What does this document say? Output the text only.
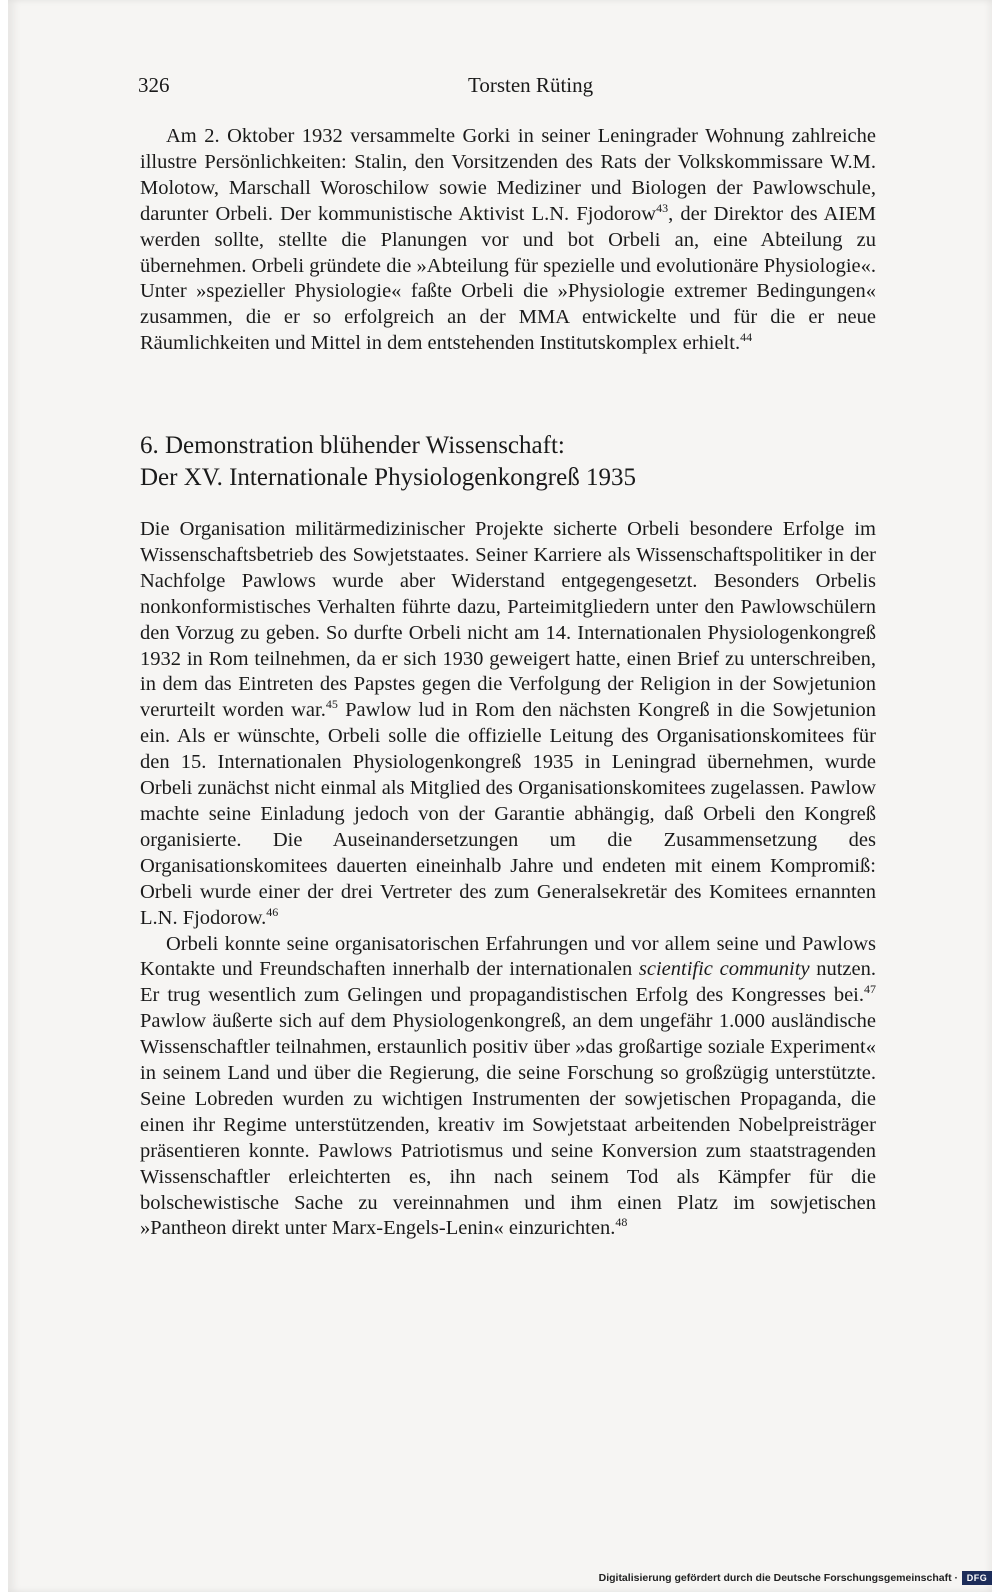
326	Torsten Rüting

Am 2. Oktober 1932 versammelte Gorki in seiner Leningrader Wohnung zahlreiche illustre Persönlichkeiten: Stalin, den Vorsitzenden des Rats der Volkskommissare W.M. Molotow, Marschall Woroschilow sowie Mediziner und Biologen der Pawlowschule, darunter Orbeli. Der kommunistische Aktivist L.N. Fjodorow$^{43}$, der Direktor des AIEM werden sollte, stellte die Planungen vor und bot Orbeli an, eine Abteilung zu übernehmen. Orbeli gründete die »Abteilung für spezielle und evolutionäre Physiologie«. Unter »spezieller Physiologie« faßte Orbeli die »Physiologie extremer Bedingungen« zusammen, die er so erfolgreich an der MMA entwickelte und für die er neue Räumlichkeiten und Mittel in dem entstehenden Institutskomplex erhielt.$^{44}$

6. Demonstration blühender Wissenschaft:
Der XV. Internationale Physiologenkongreß 1935

Die Organisation militärmedizinischer Projekte sicherte Orbeli besondere Erfolge im Wissenschaftsbetrieb des Sowjetstaates. Seiner Karriere als Wissenschaftspolitiker in der Nachfolge Pawlows wurde aber Widerstand entgegengesetzt. Besonders Orbelis nonkonformistisches Verhalten führte dazu, Parteimitgliedern unter den Pawlowschülern den Vorzug zu geben. So durfte Orbeli nicht am 14. Internationalen Physiologenkongreß 1932 in Rom teilnehmen, da er sich 1930 geweigert hatte, einen Brief zu unterschreiben, in dem das Eintreten des Papstes gegen die Verfolgung der Religion in der Sowjetunion verurteilt worden war.$^{45}$ Pawlow lud in Rom den nächsten Kongreß in die Sowjetunion ein. Als er wünschte, Orbeli solle die offizielle Leitung des Organisationskomitees für den 15. Internationalen Physiologenkongreß 1935 in Leningrad übernehmen, wurde Orbeli zunächst nicht einmal als Mitglied des Organisationskomitees zugelassen. Pawlow machte seine Einladung jedoch von der Garantie abhängig, daß Orbeli den Kongreß organisierte. Die Auseinandersetzungen um die Zusammensetzung des Organisationskomitees dauerten eineinhalb Jahre und endeten mit einem Kompromiß: Orbeli wurde einer der drei Vertreter des zum Generalsekretär des Komitees ernannten L.N. Fjodorow.$^{46}$

Orbeli konnte seine organisatorischen Erfahrungen und vor allem seine und Pawlows Kontakte und Freundschaften innerhalb der internationalen scientific community nutzen. Er trug wesentlich zum Gelingen und propagandistischen Erfolg des Kongresses bei.$^{47}$ Pawlow äußerte sich auf dem Physiologenkongreß, an dem ungefähr 1.000 ausländische Wissenschaftler teilnahmen, erstaunlich positiv über »das großartige soziale Experiment« in seinem Land und über die Regierung, die seine Forschung so großzügig unterstützte. Seine Lobreden wurden zu wichtigen Instrumenten der sowjetischen Propaganda, die einen ihr Regime unterstützenden, kreativ im Sowjetstaat arbeitenden Nobelpreisträger präsentieren konnte. Pawlows Patriotismus und seine Konversion zum staatstragenden Wissenschaftler erleichterten es, ihn nach seinem Tod als Kämpfer für die bolschewistische Sache zu vereinnahmen und ihm einen Platz im sowjetischen »Pantheon direkt unter Marx-Engels-Lenin« einzurichten.$^{48}$

Digitalisierung gefördert durch die Deutsche Forschungsgemeinschaft · DFG
